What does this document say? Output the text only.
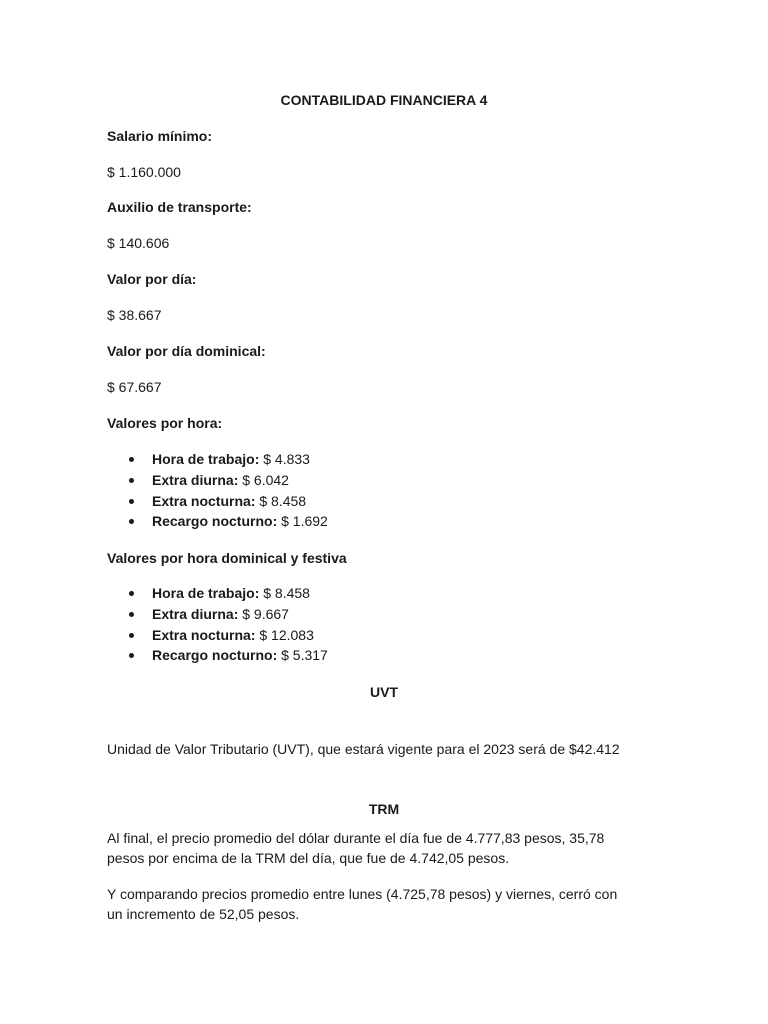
CONTABILIDAD FINANCIERA 4
Salario mínimo:
$ 1.160.000
Auxilio de transporte:
$ 140.606
Valor por día:
$ 38.667
Valor por día dominical:
$ 67.667
Valores por hora:
Hora de trabajo: $ 4.833
Extra diurna: $ 6.042
Extra nocturna: $ 8.458
Recargo nocturno: $ 1.692
Valores por hora dominical y festiva
Hora de trabajo: $ 8.458
Extra diurna: $ 9.667
Extra nocturna: $ 12.083
Recargo nocturno: $ 5.317
UVT
Unidad de Valor Tributario (UVT), que estará vigente para el 2023 será de $42.412
TRM
Al final, el precio promedio del dólar durante el día fue de 4.777,83 pesos, 35,78
pesos por encima de la TRM del día, que fue de 4.742,05 pesos.
Y comparando precios promedio entre lunes (4.725,78 pesos) y viernes, cerró con
un incremento de 52,05 pesos.
